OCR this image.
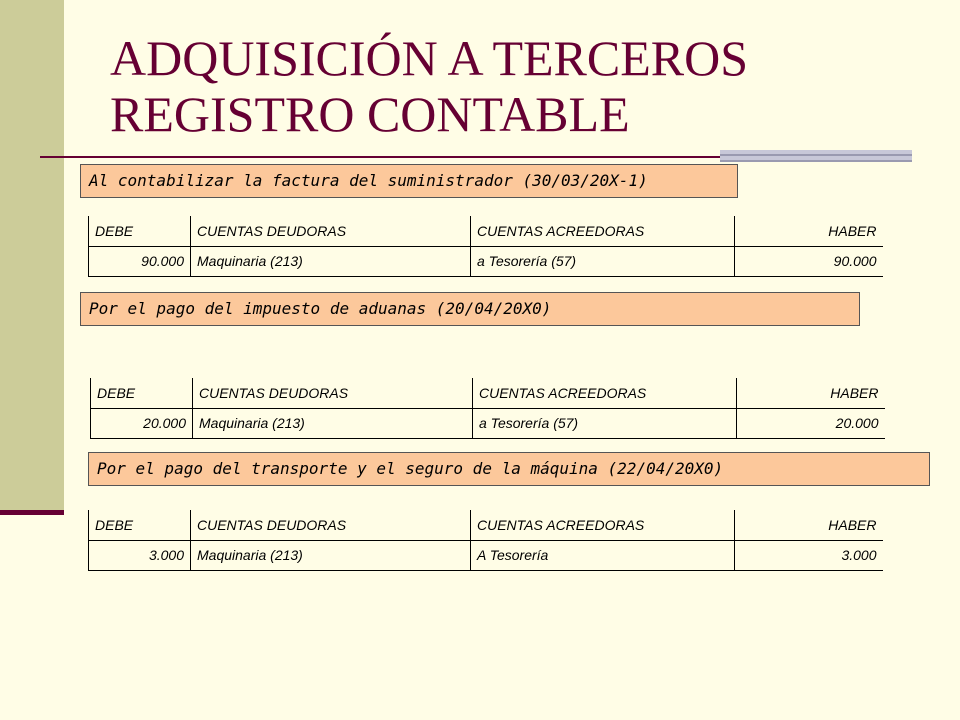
ADQUISICIÓN A TERCEROS
REGISTRO CONTABLE
Al contabilizar la factura del suministrador (30/03/20X-1)
DEBE	CUENTAS DEUDORAS	CUENTAS ACREEDORAS	HABER
90.000	Maquinaria (213)	a Tesorería (57)	90.000
Por el pago del impuesto de aduanas (20/04/20X0)
DEBE	CUENTAS DEUDORAS	CUENTAS ACREEDORAS	HABER
20.000	Maquinaria (213)	a Tesorería (57)	20.000
Por el pago del transporte y el seguro de la máquina (22/04/20X0)
DEBE	CUENTAS DEUDORAS	CUENTAS ACREEDORAS	HABER
3.000	Maquinaria (213)	A Tesorería	3.000
